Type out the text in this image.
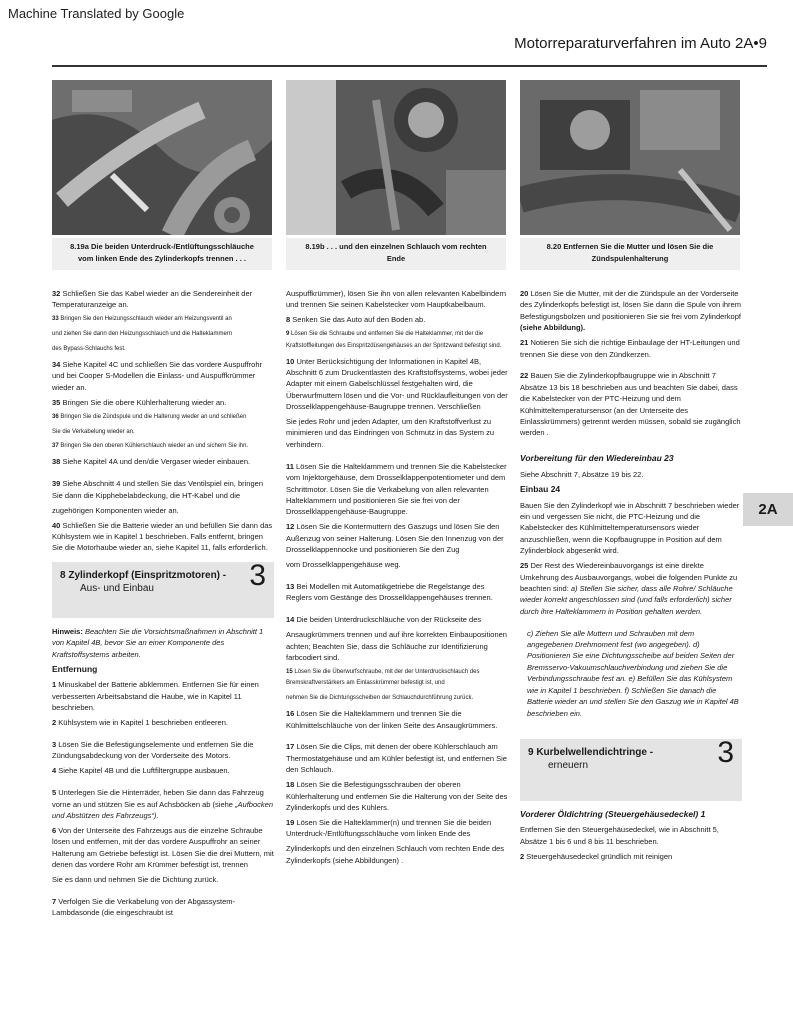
Machine Translated by Google
Motorreparaturverfahren im Auto 2A•9
8.19a Die beiden Unterdruck-/Entlüftungsschläuche
vom linken Ende des Zylinderkopfs trennen . . .
8.19b . . . und den einzelnen Schlauch vom rechten
Ende
8.20 Entfernen Sie die Mutter und lösen Sie die
Zündspulenhalterung

32 Schließen Sie das Kabel wieder an die Sendereinheit der Temperaturanzeige an.

33 Bringen Sie den Heizungsschlauch wieder am Heizungsventil an

und ziehen Sie dann den Heizungsschlauch und die Halteklammern

des Bypass-Schlauchs fest.

34 Siehe Kapitel 4C und schließen Sie das vordere Auspuffrohr und bei Cooper S-Modellen die Einlass- und Auspuffkrümmer wieder an.

35 Bringen Sie die obere Kühlerhalterung wieder an.

36 Bringen Sie die Zündspule und die Halterung wieder an und schließen

Sie die Verkabelung wieder an.

37 Bringen Sie den oberen Kühlerschlauch wieder an und sichern Sie ihn.

38 Siehe Kapitel 4A und den/die Vergaser wieder einbauen.

39 Siehe Abschnitt 4 und stellen Sie das Ventilspiel ein, bringen Sie dann die Kipphebelabdeckung, die HT-Kabel und die

zugehörigen Komponenten wieder an.

40 Schließen Sie die Batterie wieder an und befüllen Sie dann das Kühlsystem wie in Kapitel 1 beschrieben. Falls entfernt, bringen Sie die Motorhaube wieder an, siehe Kapitel 11, falls erforderlich.

8 Zylinderkopf (Einspritzmotoren) -
Aus- und Einbau	3

Hinweis: Beachten Sie die Vorsichtsmaßnahmen in Abschnitt 1 von Kapitel 4B, bevor Sie an einer Komponente des Kraftstoffsystems arbeiten.

Entfernung

1 Minuskabel der Batterie abklemmen. Entfernen Sie für einen verbesserten Arbeitsabstand die Haube, wie in Kapitel 11 beschrieben.

2 Kühlsystem wie in Kapitel 1 beschrieben entleeren.

3 Lösen Sie die Befestigungselemente und entfernen Sie die Zündungsabdeckung von der Vorderseite des Motors.

4 Siehe Kapitel 4B und die Luftfiltergruppe ausbauen.

5 Unterlegen Sie die Hinterräder, heben Sie dann das Fahrzeug vorne an und stützen Sie es auf Achsböcken ab (siehe „Aufbocken und Abstützen des Fahrzeugs“).

6 Von der Unterseite des Fahrzeugs aus die einzelne Schraube lösen und entfernen, mit der das vordere Auspuffrohr an seiner Halterung am Getriebe befestigt ist. Lösen Sie die drei Muttern, mit denen das vordere Rohr am Krümmer befestigt ist, trennen

Sie es dann und nehmen Sie die Dichtung zurück.

7 Verfolgen Sie die Verkabelung von der Abgassystem-Lambdasonde (die eingeschraubt ist

Auspuffkrümmer), lösen Sie ihn von allen relevanten Kabelbindern und trennen Sie seinen Kabelstecker vom Hauptkabelbaum.

8 Senken Sie das Auto auf den Boden ab.

9 Lösen Sie die Schraube und entfernen Sie die Halteklammer, mit der die Kraftstoffleitungen des Einspritzdüsengehäuses an der Spritzwand befestigt sind.

10 Unter Berücksichtigung der Informationen in Kapitel 4B, Abschnitt 6 zum Druckentlasten des Kraftstoffsystems, wobei jeder Adapter mit einem Gabelschlüssel festgehalten wird, die Überwurfmuttern lösen und die Vor- und Rücklaufleitungen von der Drosselklappengehäuse-Baugruppe trennen. Verschließen

Sie jedes Rohr und jeden Adapter, um den Kraftstoffverlust zu minimieren und das Eindringen von Schmutz in das System zu verhindern.

11 Lösen Sie die Halteklammern und trennen Sie die Kabelstecker vom Injektorgehäuse, dem Drosselklappenpotentiometer und dem Schrittmotor. Lösen Sie die Verkabelung von allen relevanten Halteklammern und positionieren Sie sie frei von der Drosselklappengehäuse-Baugruppe.

12 Lösen Sie die Kontermuttern des Gaszugs und lösen Sie den Außenzug von seiner Halterung. Lösen Sie den Innenzug von der Drosselklappennocke und positionieren Sie den Zug

vom Drosselklappengehäuse weg.

13 Bei Modellen mit Automatikgetriebe die Regelstange des Reglers vom Gestänge des Drosselklappengehäuses trennen.

14 Die beiden Unterdruckschläuche von der Rückseite des

Ansaugkrümmers trennen und auf ihre korrekten Einbaupositionen achten; Beachten Sie, dass die Schläuche zur Identifizierung farbcodiert sind.

15 Lösen Sie die Überwurfschraube, mit der der Unterdruckschlauch des Bremskraftverstärkers am Einlasskrümmer befestigt ist, und

nehmen Sie die Dichtungsscheiben der Schlauchdurchführung zurück.

16 Lösen Sie die Halteklammern und trennen Sie die Kühlmittelschläuche von der linken Seite des Ansaugkrümmers.

17 Lösen Sie die Clips, mit denen der obere Kühlerschlauch am Thermostatgehäuse und am Kühler befestigt ist, und entfernen Sie den Schlauch.

18 Lösen Sie die Befestigungsschrauben der oberen Kühlerhalterung und entfernen Sie die Halterung von der Seite des Zylinderkopfs und des Kühlers.

19 Lösen Sie die Halteklammer(n) und trennen Sie die beiden Unterdruck-/Entlüftungsschläuche vom linken Ende des

Zylinderkopfs und den einzelnen Schlauch vom rechten Ende des Zylinderkopfs (siehe Abbildungen) .

20 Lösen Sie die Mutter, mit der die Zündspule an der Vorderseite des Zylinderkopfs befestigt ist, lösen Sie dann die Spule von ihrem Befestigungsbolzen und positionieren Sie sie frei vom Zylinderkopf (siehe Abbildung).

21 Notieren Sie sich die richtige Einbaulage der HT-Leitungen und trennen Sie diese von den Zündkerzen.

22 Bauen Sie die Zylinderkopfbaugruppe wie in Abschnitt 7 Absätze 13 bis 18 beschrieben aus und beachten Sie dabei, dass die Kabelstecker von der PTC-Heizung und dem Kühlmitteltemperatursensor (an der Unterseite des Einlasskrümmers) getrennt werden müssen, sobald sie zugänglich werden .

Vorbereitung für den Wiedereinbau 23

Siehe Abschnitt 7, Absätze 19 bis 22.

Einbau 24

Bauen Sie den Zylinderkopf wie in Abschnitt 7 beschrieben wieder ein und vergessen Sie nicht, die PTC-Heizung und die Kabelstecker des Kühlmitteltemperatursensors wieder anzuschließen, wenn die Kopfbaugruppe in Position auf dem Zylinderblock abgesenkt wird.

25 Der Rest des Wiedereinbauvorgangs ist eine direkte Umkehrung des Ausbauvorgangs, wobei die folgenden Punkte zu beachten sind: a) Stellen Sie sicher, dass alle Rohre/ Schläuche wieder korrekt angeschlossen sind (und falls erforderlich) sicher durch ihre Halteklammern in Position gehalten werden.

c) Ziehen Sie alle Muttern und Schrauben mit dem angegebenen Drehmoment fest (wo angegeben). d) Positionieren Sie eine Dichtungsscheibe auf beiden Seiten der Bremsservo-Vakuumschlauchverbindung und ziehen Sie die Verbindungsschraube fest an. e) Befüllen Sie das Kühlsystem wie in Kapitel 1 beschrieben. f) Schließen Sie danach die Batterie wieder an und stellen Sie den Gaszug wie in Kapitel 4B beschrieben ein.

9 Kurbelwellendichtringe -
erneuern	3
Vorderer Öldichtring (Steuergehäusedeckel) 1

Entfernen Sie den Steuergehäusedeckel, wie in Abschnitt 5, Absätze 1 bis 6 und 8 bis 11 beschrieben.

2 Steuergehäusedeckel gründlich mit reinigen

2A
